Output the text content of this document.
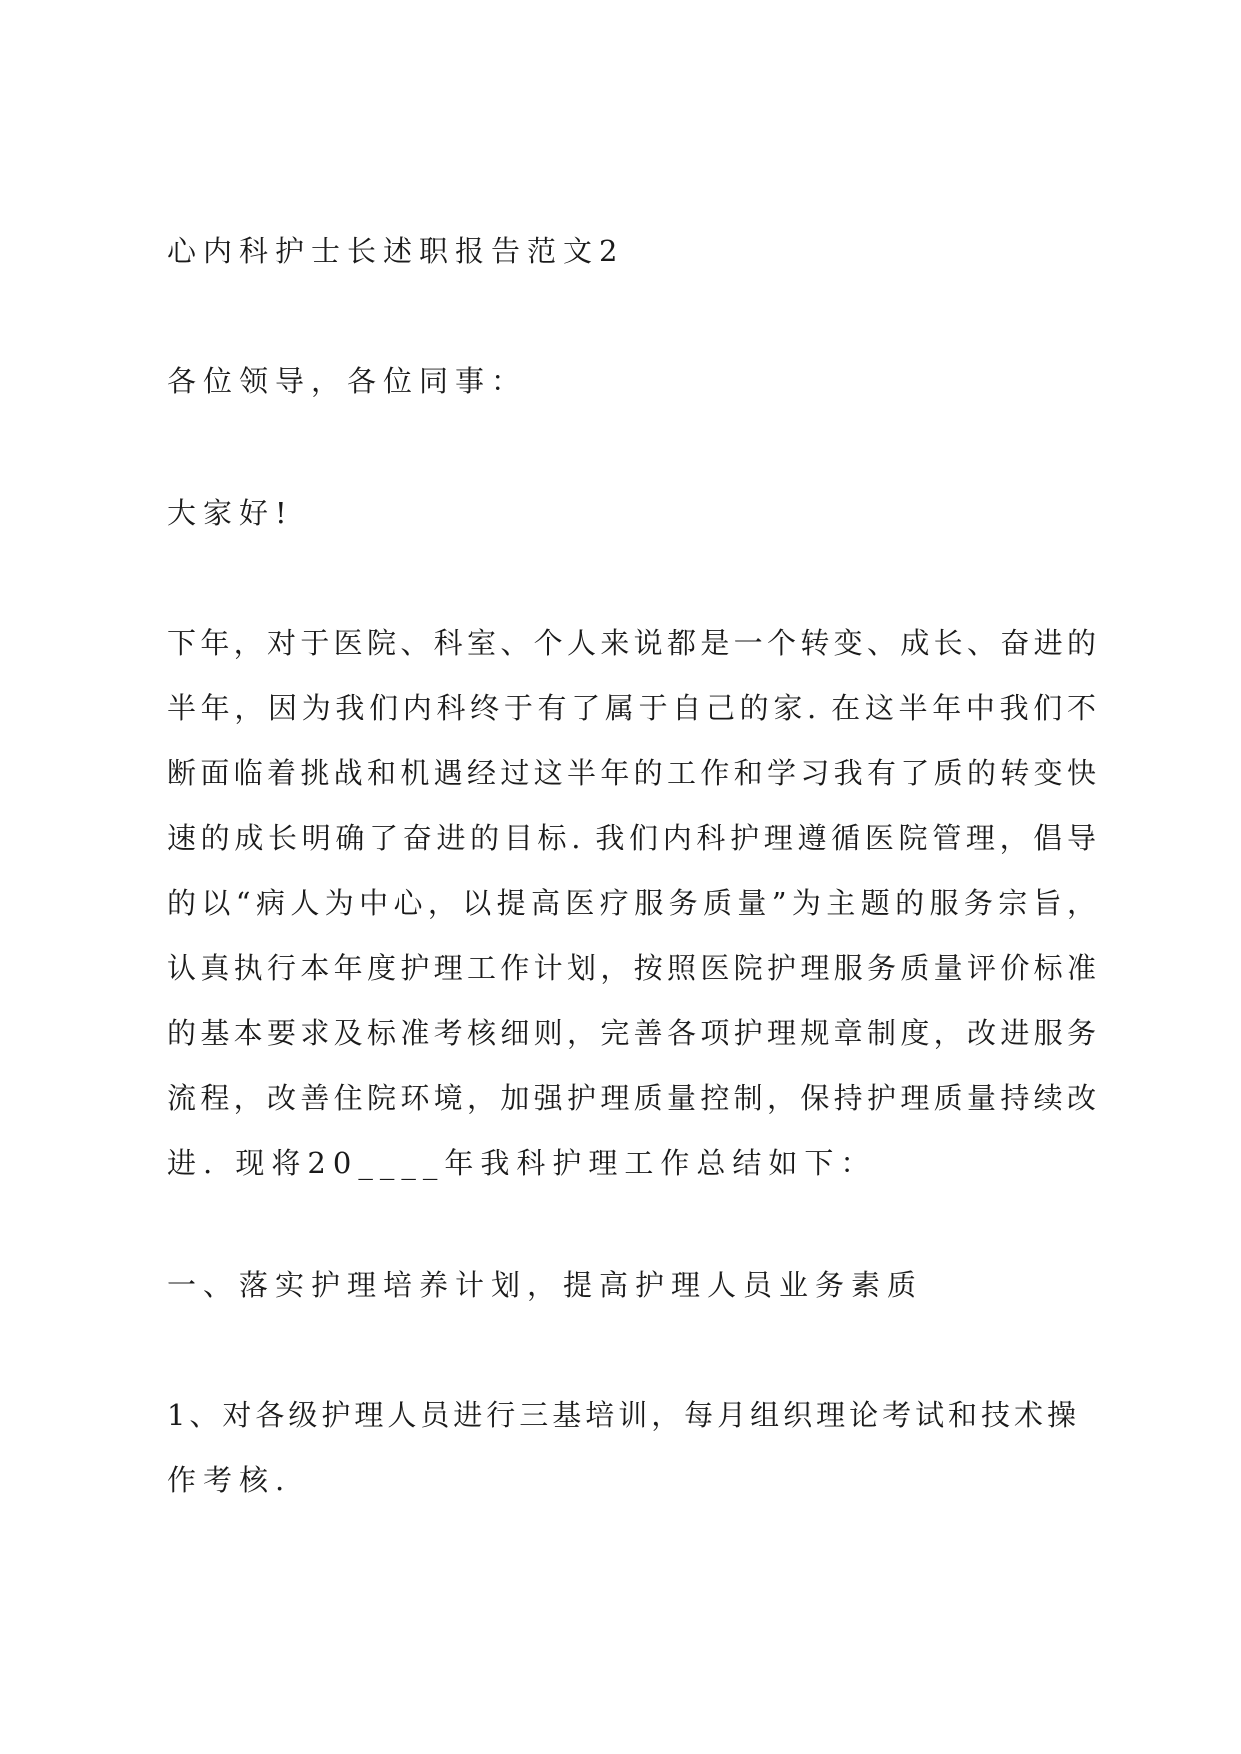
心内科护士长述职报告范文2
各位领导，各位同事：
大家好!
下年，对于医院、科室、个人来说都是一个转变、成长、奋进的
半年，因为我们内科终于有了属于自己的家. 在这半年中我们不
断面临着挑战和机遇经过这半年的工作和学习我有了质的转变快
速的成长明确了奋进的目标. 我们内科护理遵循医院管理，倡导
的以“病人为中心，以提高医疗服务质量”为主题的服务宗旨，
认真执行本年度护理工作计划，按照医院护理服务质量评价标准
的基本要求及标准考核细则，完善各项护理规章制度，改进服务
流程，改善住院环境，加强护理质量控制，保持护理质量持续改
进. 现将20____年我科护理工作总结如下：
一、落实护理培养计划，提高护理人员业务素质
1、对各级护理人员进行三基培训，每月组织理论考试和技术操
作考核.
